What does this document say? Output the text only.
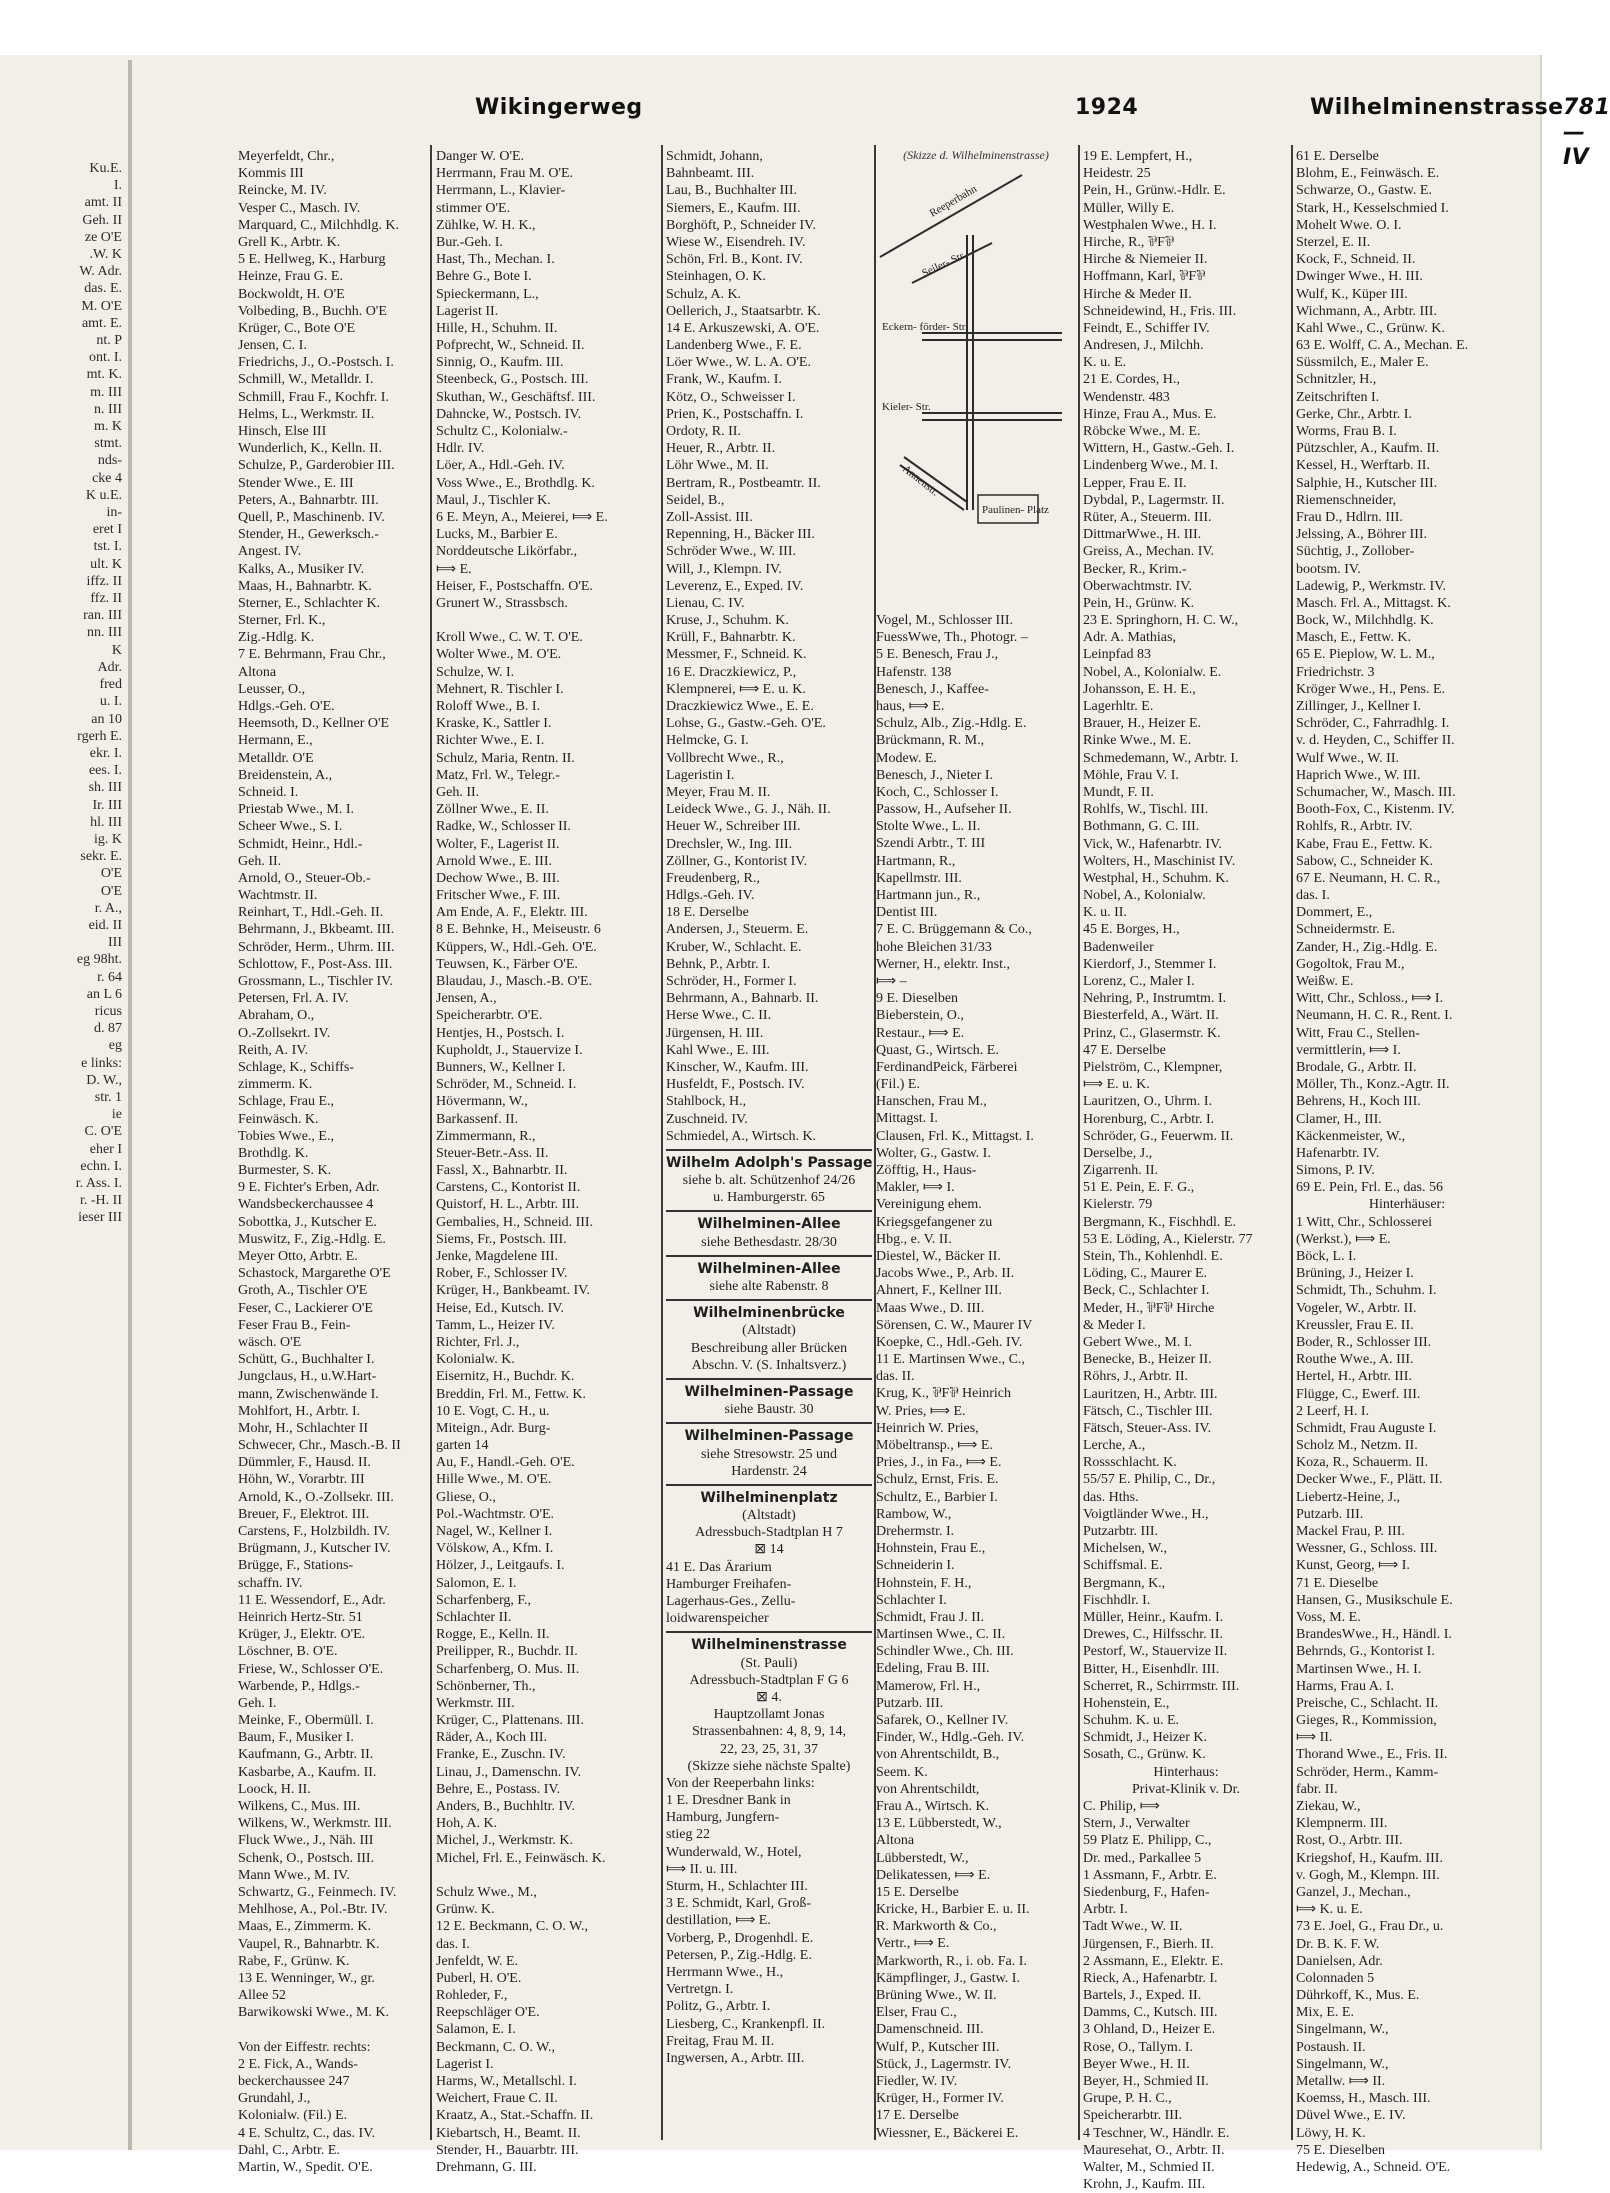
Ku.E.
I.
amt. II
Geh. II
ze O'E
.W. K
W. Adr.
das. E.
M. O'E
amt. E.
nt. P
ont. I.
mt. K.
m. III
n. III
m. K
stmt.
nds-
cke 4
K u.E.
in-
eret I
tst. I.
ult. K
iffz. II
ffz. II
ran. III
nn. III
K
Adr.
fred
u. I.
an 10
rgerh E.
ekr. I.
ees. I.
sh. III
Ir. III
hl. III
ig. K
sekr. E.
O'E
O'E
r. A.,
eid. II
III
eg 98ht.
r. 64
an L 6
ricus
d. 87
eg
e links:
D. W.,
str. 1
ie
C. O'E
eher I
echn. I.
r. Ass. I.
r. -H. II
ieser III
Wikingerweg	1924	Wilhelminenstrasse 781—IV
Meyerfeldt, Chr.,
Kommis III
Reincke, M. IV.
Vesper C., Masch. IV.
Marquard, C., Milchhdlg. K.
Grell K., Arbtr. K.
5 E. Hellweg, K., Harburg
Heinze, Frau G. E.
Bockwoldt, H. O'E
Volbeding, B., Buchh. O'E
Krüger, C., Bote O'E
Jensen, C. I.
Friedrichs, J., O.-Postsch. I.
Schmill, W., Metalldr. I.
Schmill, Frau F., Kochfr. I.
Helms, L., Werkmstr. II.
Hinsch, Else III
Wunderlich, K., Kelln. II.
Schulze, P., Garderobier III.
Stender Wwe., E. III
Peters, A., Bahnarbtr. III.
Quell, P., Maschinenb. IV.
Stender, H., Gewerksch.-
Angest. IV.
Kalks, A., Musiker IV.
Maas, H., Bahnarbtr. K.
Sterner, E., Schlachter K.
Sterner, Frl. K.,
Zig.-Hdlg. K.
7 E. Behrmann, Frau Chr.,
Altona
Leusser, O.,
Hdlgs.-Geh. O'E.
Heemsoth, D., Kellner O'E
Hermann, E.,
Metalldr. O'E
Breidenstein, A.,
Schneid. I.
Priestab Wwe., M. I.
Scheer Wwe., S. I.
Schmidt, Heinr., Hdl.-
Geh. II.
Arnold, O., Steuer-Ob.-
Wachtmstr. II.
Reinhart, T., Hdl.-Geh. II.
Behrmann, J., Bkbeamt. III.
Schröder, Herm., Uhrm. III.
Schlottow, F., Post-Ass. III.
Grossmann, L., Tischler IV.
Petersen, Frl. A. IV.
Abraham, O.,
O.-Zollsekrt. IV.
Reith, A. IV.
Schlage, K., Schiffs-
zimmerm. K.
Schlage, Frau E.,
Feinwäsch. K.
Tobies Wwe., E.,
Brothdlg. K.
Burmester, S. K.
9 E. Fichter's Erben, Adr.
Wandsbeckerchaussee 4
Sobottka, J., Kutscher E.
Muswitz, F., Zig.-Hdlg. E.
Meyer Otto, Arbtr. E.
Schastock, Margarethe O'E
Groth, A., Tischler O'E
Feser, C., Lackierer O'E
Feser Frau B., Fein-
wäsch. O'E
Schütt, G., Buchhalter I.
Jungclaus, H., u.W.Hart-
mann, Zwischenwände I.
Mohlfort, H., Arbtr. I.
Mohr, H., Schlachter II
Schwecer, Chr., Masch.-B. II
Dümmler, F., Hausd. II.
Höhn, W., Vorarbtr. III
Arnold, K., O.-Zollsekr. III.
Breuer, F., Elektrot. III.
Carstens, F., Holzbildh. IV.
Brügmann, J., Kutscher IV.
Brügge, F., Stations-
schaffn. IV.
11 E. Wessendorf, E., Adr.
Heinrich Hertz-Str. 51
Krüger, J., Elektr. O'E.
Löschner, B. O'E.
Friese, W., Schlosser O'E.
Warbende, P., Hdlgs.-
Geh. I.
Meinke, F., Obermüll. I.
Baum, F., Musiker I.
Kaufmann, G., Arbtr. II.
Kasbarbe, A., Kaufm. II.
Loock, H. II.
Wilkens, C., Mus. III.
Wilkens, W., Werkmstr. III.
Fluck Wwe., J., Näh. III
Schenk, O., Postsch. III.
Mann Wwe., M. IV.
Schwartz, G., Feinmech. IV.
Mehlhose, A., Pol.-Btr. IV.
Maas, E., Zimmerm. K.
Vaupel, R., Bahnarbtr. K.
Rabe, F., Grünw. K.
13 E. Wenninger, W., gr.
Allee 52
Barwikowski Wwe., M. K.
Von der Eiffestr. rechts:
2 E. Fick, A., Wands-
beckerchaussee 247
Grundahl, J.,
Kolonialw. (Fil.) E.
4 E. Schultz, C., das. IV.
Dahl, C., Arbtr. E.
Martin, W., Spedit. O'E.
Danger W. O'E.
Herrmann, Frau M. O'E.
Herrmann, L., Klavier-
stimmer O'E.
Zühlke, W. H. K.,
Bur.-Geh. I.
Hast, Th., Mechan. I.
Behre G., Bote I.
Spieckermann, L.,
Lagerist II.
Hille, H., Schuhm. II.
Pofprecht, W., Schneid. II.
Sinnig, O., Kaufm. III.
Steenbeck, G., Postsch. III.
Skuthan, W., Geschäftsf. III.
Dahncke, W., Postsch. IV.
Schultz C., Kolonialw.-
Hdlr. IV.
Löer, A., Hdl.-Geh. IV.
Voss Wwe., E., Brothdlg. K.
Maul, J., Tischler K.
6 E. Meyn, A., Meierei, ⟾ E.
Lucks, M., Barbier E.
Norddeutsche Likörfabr.,
⟾ E.
Heiser, F., Postschaffn. O'E.
Grunert W., Strassbsch.
Kroll Wwe., C. W. T. O'E.
Wolter Wwe., M. O'E.
Schulze, W. I.
Mehnert, R. Tischler I.
Roloff Wwe., B. I.
Kraske, K., Sattler I.
Richter Wwe., E. I.
Schulz, Maria, Rentn. II.
Matz, Frl. W., Telegr.-
Geh. II.
Zöllner Wwe., E. II.
Radke, W., Schlosser II.
Wolter, F., Lagerist II.
Arnold Wwe., E. III.
Dechow Wwe., B. III.
Fritscher Wwe., F. III.
Am Ende, A. F., Elektr. III.
8 E. Behnke, H., Meiseustr. 6
Küppers, W., Hdl.-Geh. O'E.
Teuwsen, K., Färber O'E.
Blaudau, J., Masch.-B. O'E.
Jensen, A.,
Speicherarbtr. O'E.
Hentjes, H., Postsch. I.
Kupholdt, J., Stauervize I.
Bunners, W., Kellner I.
Schröder, M., Schneid. I.
Hövermann, W.,
Barkassenf. II.
Zimmermann, R.,
Steuer-Betr.-Ass. II.
Fassl, X., Bahnarbtr. II.
Carstens, C., Kontorist II.
Quistorf, H. L., Arbtr. III.
Gembalies, H., Schneid. III.
Siems, Fr., Postsch. III.
Jenke, Magdelene III.
Rober, F., Schlosser IV.
Krüger, H., Bankbeamt. IV.
Heise, Ed., Kutsch. IV.
Tamm, L., Heizer IV.
Richter, Frl. J.,
Kolonialw. K.
Eisernitz, H., Buchdr. K.
Breddin, Frl. M., Fettw. K.
10 E. Vogt, C. H., u.
Miteign., Adr. Burg-
garten 14
Au, F., Handl.-Geh. O'E.
Hille Wwe., M. O'E.
Gliese, O.,
Pol.-Wachtmstr. O'E.
Nagel, W., Kellner I.
Völskow, A., Kfm. I.
Hölzer, J., Leitgaufs. I.
Salomon, E. I.
Scharfenberg, F.,
Schlachter II.
Rogge, E., Kelln. II.
Preilipper, R., Buchdr. II.
Scharfenberg, O. Mus. II.
Schönberner, Th.,
Werkmstr. III.
Krüger, C., Plattenans. III.
Räder, A., Koch III.
Franke, E., Zuschn. IV.
Linau, J., Damenschn. IV.
Behre, E., Postass. IV.
Anders, B., Buchhltr. IV.
Hoh, A. K.
Michel, J., Werkmstr. K.
Michel, Frl. E., Feinwäsch. K.
Schulz Wwe., M.,
Grünw. K.
12 E. Beckmann, C. O. W.,
das. I.
Jenfeldt, W. E.
Puberl, H. O'E.
Rohleder, F.,
Reepschläger O'E.
Salamon, E. I.
Beckmann, C. O. W.,
Lagerist I.
Harms, W., Metallschl. I.
Weichert, Fraue C. II.
Kraatz, A., Stat.-Schaffn. II.
Kiebartsch, H., Beamt. II.
Stender, H., Bauarbtr. III.
Drehmann, G. III.
Schmidt, Johann,
Bahnbeamt. III.
Lau, B., Buchhalter III.
Siemers, E., Kaufm. III.
Borghöft, P., Schneider IV.
Wiese W., Eisendreh. IV.
Schön, Frl. B., Kont. IV.
Steinhagen, O. K.
Schulz, A. K.
Oellerich, J., Staatsarbtr. K.
14 E. Arkuszewski, A. O'E.
Landenberg Wwe., F. E.
Löer Wwe., W. L. A. O'E.
Frank, W., Kaufm. I.
Kötz, O., Schweisser I.
Prien, K., Postschaffn. I.
Ordoty, R. II.
Heuer, R., Arbtr. II.
Löhr Wwe., M. II.
Bertram, R., Postbeamtr. II.
Seidel, B.,
Zoll-Assist. III.
Repenning, H., Bäcker III.
Schröder Wwe., W. III.
Will, J., Klempn. IV.
Leverenz, E., Exped. IV.
Lienau, C. IV.
Kruse, J., Schuhm. K.
Krüll, F., Bahnarbtr. K.
Messmer, F., Schneid. K.
16 E. Draczkiewicz, P.,
Klempnerei, ⟾ E. u. K.
Draczkiewicz Wwe., E. E.
Lohse, G., Gastw.-Geh. O'E.
Helmcke, G. I.
Vollbrecht Wwe., R.,
Lageristin I.
Meyer, Frau M. II.
Leideck Wwe., G. J., Näh. II.
Heuer W., Schreiber III.
Drechsler, W., Ing. III.
Zöllner, G., Kontorist IV.
Freudenberg, R.,
Hdlgs.-Geh. IV.
18 E. Derselbe
Andersen, J., Steuerm. E.
Kruber, W., Schlacht. E.
Behnk, P., Arbtr. I.
Schröder, H., Former I.
Behrmann, A., Bahnarb. II.
Herse Wwe., C. II.
Jürgensen, H. III.
Kahl Wwe., E. III.
Kinscher, W., Kaufm. III.
Husfeldt, F., Postsch. IV.
Stahlbock, H.,
Zuschneid. IV.
Schmiedel, A., Wirtsch. K.
Wilhelm Adolph's Passage
siehe b. alt. Schützenhof 24/26
u. Hamburgerstr. 65
Wilhelminen-Allee
siehe Bethesdastr. 28/30
Wilhelminen-Allee
siehe alte Rabenstr. 8
Wilhelminenbrücke
(Altstadt)
Beschreibung aller Brücken
Abschn. V. (S. Inhaltsverz.)
Wilhelminen-Passage
siehe Baustr. 30
Wilhelminen-Passage
siehe Stresowstr. 25 und
Hardenstr. 24
Wilhelminenplatz
(Altstadt)
Adressbuch-Stadtplan H 7
⊠ 14
41 E. Das Ärarium
Hamburger Freihafen-
Lagerhaus-Ges., Zellu-
loidwarenspeicher
Wilhelminenstrasse
(St. Pauli)
Adressbuch-Stadtplan F G 6
⊠ 4.
Hauptzollamt Jonas
Strassenbahnen: 4, 8, 9, 14,
22, 23, 25, 31, 37
(Skizze siehe nächste Spalte)
Von der Reeperbahn links:
1 E. Dresdner Bank in
Hamburg, Jungfern-
stieg 22
Wunderwald, W., Hotel,
⟾ II. u. III.
Sturm, H., Schlachter III.
3 E. Schmidt, Karl, Groß-
destillation, ⟾ E.
Vorberg, P., Drogenhdl. E.
Petersen, P., Zig.-Hdlg. E.
Herrmann Wwe., H.,
Vertretgn. I.
Politz, G., Arbtr. I.
Liesberg, C., Krankenpfl. II.
Freitag, Frau M. II.
Ingwersen, A., Arbtr. III.
(Skizze d. Wilhelminenstrasse)
Reeperbahn
Seiler- Str.
Eckern- förder- Str.
Kieler- Str.
Annenstr.
Paulinen- Platz
Vogel, M., Schlosser III.
FuessWwe, Th., Photogr. –
5 E. Benesch, Frau J.,
Hafenstr. 138
Benesch, J., Kaffee-
haus, ⟾ E.
Schulz, Alb., Zig.-Hdlg. E.
Brückmann, R. M.,
Modew. E.
Benesch, J., Nieter I.
Koch, C., Schlosser I.
Passow, H., Aufseher II.
Stolte Wwe., L. II.
Szendi Arbtr., T. III
Hartmann, R.,
Kapellmstr. III.
Hartmann jun., R.,
Dentist III.
7 E. C. Brüggemann & Co.,
hohe Bleichen 31/33
Werner, H., elektr. Inst.,
⟾ –
9 E. Dieselben
Bieberstein, O.,
Restaur., ⟾ E.
Quast, G., Wirtsch. E.
FerdinandPeick, Färberei
(Fil.) E.
Hanschen, Frau M.,
Mittagst. I.
Clausen, Frl. K., Mittagst. I.
Wolter, G., Gastw. I.
Zöfftig, H., Haus-
Makler, ⟾ I.
Vereinigung ehem.
Kriegsgefangener zu
Hbg., e. V. II.
Diestel, W., Bäcker II.
Jacobs Wwe., P., Arb. II.
Ahnert, F., Kellner III.
Maas Wwe., D. III.
Sörensen, C. W., Maurer IV
Koepke, C., Hdl.-Geh. IV.
11 E. Martinsen Wwe., C.,
das. II.
Krug, K., ⅌F⅌ Heinrich
W. Pries, ⟾ E.
Heinrich W. Pries,
Möbeltransp., ⟾ E.
Pries, J., in Fa., ⟾ E.
Schulz, Ernst, Fris. E.
Schultz, E., Barbier I.
Rambow, W.,
Drehermstr. I.
Hohnstein, Frau E.,
Schneiderin I.
Hohnstein, F. H.,
Schlachter I.
Schmidt, Frau J. II.
Martinsen Wwe., C. II.
Schindler Wwe., Ch. III.
Edeling, Frau B. III.
Mamerow, Frl. H.,
Putzarb. III.
Safarek, O., Kellner IV.
Finder, W., Hdlg.-Geh. IV.
von Ahrentschildt, B.,
Seem. K.
von Ahrentschildt,
Frau A., Wirtsch. K.
13 E. Lübberstedt, W.,
Altona
Lübberstedt, W.,
Delikatessen, ⟾ E.
15 E. Derselbe
Kricke, H., Barbier E. u. II.
R. Markworth & Co.,
Vertr., ⟾ E.
Markworth, R., i. ob. Fa. I.
Kämpflinger, J., Gastw. I.
Brüning Wwe., W. II.
Elser, Frau C.,
Damenschneid. III.
Wulf, P., Kutscher III.
Stück, J., Lagermstr. IV.
Fiedler, W. IV.
Krüger, H., Former IV.
17 E. Derselbe
Wiessner, E., Bäckerei E.
19 E. Lempfert, H.,
Heidestr. 25
Pein, H., Grünw.-Hdlr. E.
Müller, Willy E.
Westphalen Wwe., H. I.
Hirche, R., ⅌F⅌
Hirche & Niemeier II.
Hoffmann, Karl, ⅌F⅌
Hirche & Meder II.
Schneidewind, H., Fris. III.
Feindt, E., Schiffer IV.
Andresen, J., Milchh.
K. u. E.
21 E. Cordes, H.,
Wendenstr. 483
Hinze, Frau A., Mus. E.
Röbcke Wwe., M. E.
Wittern, H., Gastw.-Geh. I.
Lindenberg Wwe., M. I.
Lepper, Frau E. II.
Dybdal, P., Lagermstr. II.
Rüter, A., Steuerm. III.
DittmarWwe., H. III.
Greiss, A., Mechan. IV.
Becker, R., Krim.-
Oberwachtmstr. IV.
Pein, H., Grünw. K.
23 E. Springhorn, H. C. W.,
Adr. A. Mathias,
Leinpfad 83
Nobel, A., Kolonialw. E.
Johansson, E. H. E.,
Lagerhltr. E.
Brauer, H., Heizer E.
Rinke Wwe., M. E.
Schmedemann, W., Arbtr. I.
Möhle, Frau V. I.
Mundt, F. II.
Rohlfs, W., Tischl. III.
Bothmann, G. C. III.
Vick, W., Hafenarbtr. IV.
Wolters, H., Maschinist IV.
Westphal, H., Schuhm. K.
Nobel, A., Kolonialw.
K. u. II.
45 E. Borges, H.,
Badenweiler
Kierdorf, J., Stemmer I.
Lorenz, C., Maler I.
Nehring, P., Instrumtm. I.
Biesterfeld, A., Wärt. II.
Prinz, C., Glasermstr. K.
47 E. Derselbe
Pielström, C., Klempner,
⟾ E. u. K.
Lauritzen, O., Uhrm. I.
Horenburg, C., Arbtr. I.
Schröder, G., Feuerwm. II.
Derselbe, J.,
Zigarrenh. II.
51 E. Pein, E. F. G.,
Kielerstr. 79
Bergmann, K., Fischhdl. E.
53 E. Löding, A., Kielerstr. 77
Stein, Th., Kohlenhdl. E.
Löding, C., Maurer E.
Beck, C., Schlachter I.
Meder, H., ⅌F⅌ Hirche
& Meder I.
Gebert Wwe., M. I.
Benecke, B., Heizer II.
Röhrs, J., Arbtr. II.
Lauritzen, H., Arbtr. III.
Fätsch, C., Tischler III.
Fätsch, Steuer-Ass. IV.
Lerche, A.,
Rossschlacht. K.
55/57 E. Philip, C., Dr.,
das. Hths.
Voigtländer Wwe., H.,
Putzarbtr. III.
Michelsen, W.,
Schiffsmal. E.
Bergmann, K.,
Fischhdlr. I.
Müller, Heinr., Kaufm. I.
Drewes, C., Hilfsschr. II.
Pestorf, W., Stauervize II.
Bitter, H., Eisenhdlr. III.
Scherret, R., Schirrmstr. III.
Hohenstein, E.,
Schuhm. K. u. E.
Schmidt, J., Heizer K.
Sosath, C., Grünw. K.
Hinterhaus:
Privat-Klinik v. Dr.
C. Philip, ⟾
Stern, J., Verwalter
59 Platz E. Philipp, C.,
Dr. med., Parkallee 5
1 Assmann, F., Arbtr. E.
Siedenburg, F., Hafen-
Arbtr. I.
Tadt Wwe., W. II.
Jürgensen, F., Bierh. II.
2 Assmann, E., Elektr. E.
Rieck, A., Hafenarbtr. I.
Bartels, J., Exped. II.
Damms, C., Kutsch. III.
3 Ohland, D., Heizer E.
Rose, O., Tallym. I.
Beyer Wwe., H. II.
Beyer, H., Schmied II.
Grupe, P. H. C.,
Speicherarbtr. III.
4 Teschner, W., Händlr. E.
Mauresehat, O., Arbtr. II.
Walter, M., Schmied II.
Krohn, J., Kaufm. III.
61 E. Derselbe
Blohm, E., Feinwäsch. E.
Schwarze, O., Gastw. E.
Stark, H., Kesselschmied I.
Mohelt Wwe. O. I.
Sterzel, E. II.
Kock, F., Schneid. II.
Dwinger Wwe., H. III.
Wulf, K., Küper III.
Wichmann, A., Arbtr. III.
Kahl Wwe., C., Grünw. K.
63 E. Wolff, C. A., Mechan. E.
Süssmilch, E., Maler E.
Schnitzler, H.,
Zeitschriften I.
Gerke, Chr., Arbtr. I.
Worms, Frau B. I.
Pützschler, A., Kaufm. II.
Kessel, H., Werftarb. II.
Salphie, H., Kutscher III.
Riemenschneider,
Frau D., Hdlrn. III.
Jelssing, A., Böhrer III.
Süchtig, J., Zollober-
bootsm. IV.
Ladewig, P., Werkmstr. IV.
Masch. Frl. A., Mittagst. K.
Bock, W., Milchhdlg. K.
Masch, E., Fettw. K.
65 E. Pieplow, W. L. M.,
Friedrichstr. 3
Kröger Wwe., H., Pens. E.
Zillinger, J., Kellner I.
Schröder, C., Fahrradhlg. I.
v. d. Heyden, C., Schiffer II.
Wulf Wwe., W. II.
Haprich Wwe., W. III.
Schumacher, W., Masch. III.
Booth-Fox, C., Kistenm. IV.
Rohlfs, R., Arbtr. IV.
Kabe, Frau E., Fettw. K.
Sabow, C., Schneider K.
67 E. Neumann, H. C. R.,
das. I.
Dommert, E.,
Schneidermstr. E.
Zander, H., Zig.-Hdlg. E.
Gogoltok, Frau M.,
Weißw. E.
Witt, Chr., Schloss., ⟾ I.
Neumann, H. C. R., Rent. I.
Witt, Frau C., Stellen-
vermittlerin, ⟾ I.
Brodale, G., Arbtr. II.
Möller, Th., Konz.-Agtr. II.
Behrens, H., Koch III.
Clamer, H., III.
Käckenmeister, W.,
Hafenarbtr. IV.
Simons, P. IV.
69 E. Pein, Frl. E., das. 56
Hinterhäuser:
1 Witt, Chr., Schlosserei
(Werkst.), ⟾ E.
Böck, L. I.
Brüning, J., Heizer I.
Schmidt, Th., Schuhm. I.
Vogeler, W., Arbtr. II.
Kreussler, Frau E. II.
Boder, R., Schlosser III.
Routhe Wwe., A. III.
Hertel, H., Arbtr. III.
Flügge, C., Ewerf. III.
2 Leerf, H. I.
Schmidt, Frau Auguste I.
Scholz M., Netzm. II.
Koza, R., Schauerm. II.
Decker Wwe., F., Plätt. II.
Liebertz-Heine, J.,
Putzarb. III.
Mackel Frau, P. III.
Wessner, G., Schloss. III.
Kunst, Georg, ⟾ I.
71 E. Dieselbe
Hansen, G., Musikschule E.
Voss, M. E.
BrandesWwe., H., Händl. I.
Behrnds, G., Kontorist I.
Martinsen Wwe., H. I.
Harms, Frau A. I.
Preische, C., Schlacht. II.
Gieges, R., Kommission,
⟾ II.
Thorand Wwe., E., Fris. II.
Schröder, Herm., Kamm-
fabr. II.
Ziekau, W.,
Klempnerm. III.
Rost, O., Arbtr. III.
Kriegshof, H., Kaufm. III.
v. Gogh, M., Klempn. III.
Ganzel, J., Mechan.,
⟾ K. u. E.
73 E. Joel, G., Frau Dr., u.
Dr. B. K. F. W.
Danielsen, Adr.
Colonnaden 5
Dührkoff, K., Mus. E.
Mix, E. E.
Singelmann, W.,
Postaush. II.
Singelmann, W.,
Metallw. ⟾ II.
Koemss, H., Masch. III.
Düvel Wwe., E. IV.
Löwy, H. K.
75 E. Dieselben
Hedewig, A., Schneid. O'E.
